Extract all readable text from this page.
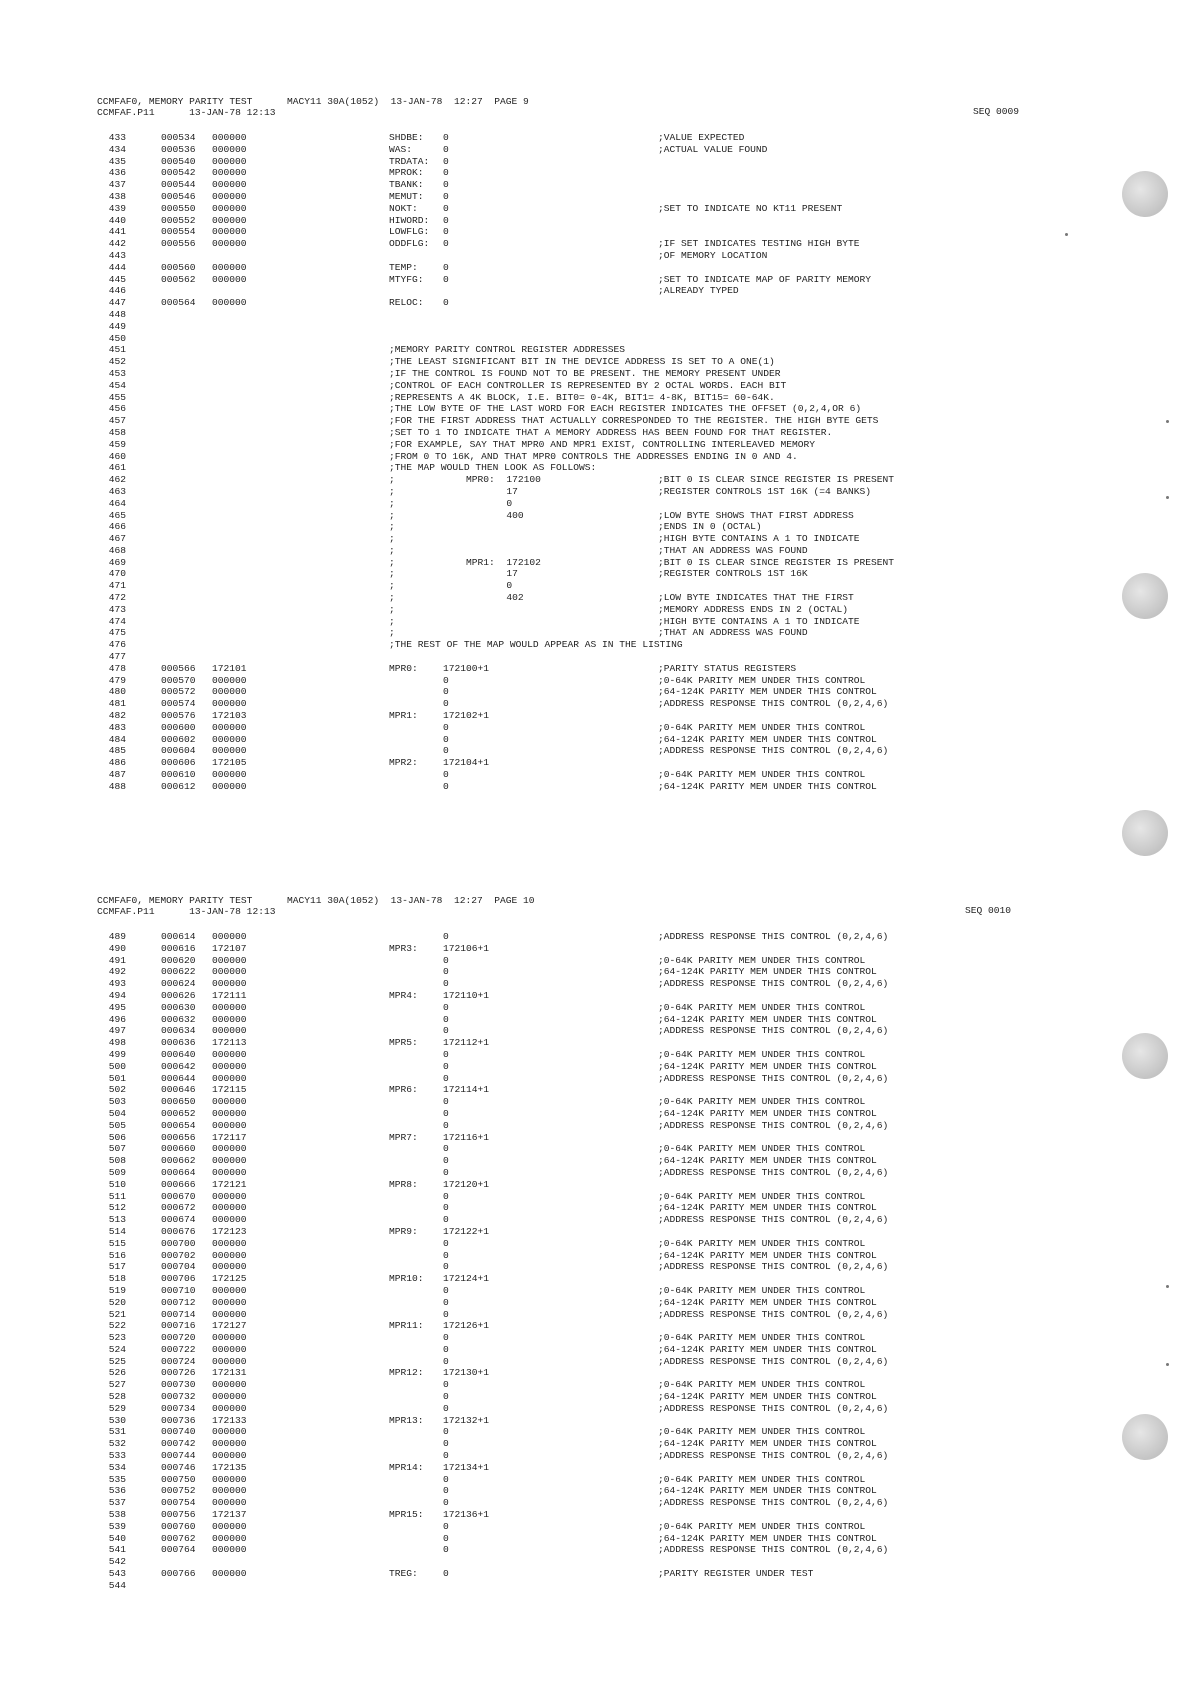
CCMFAF0, MEMORY PARITY TEST      MACY11 30A(1052)  13-JAN-78  12:27  PAGE 9
CCMFAF.P11      13-JAN-78 12:13	SEQ 0009
433	000534 000000	SHDBE: 0	;VALUE EXPECTED
434	000536 000000	WAS:	0	;ACTUAL VALUE FOUND
435	000540 000000	TRDATA: 0
436	000542 000000	MPROK: 0
437	000544 000000	TBANK: 0
438	000546 000000	MEMUT: 0
439	000550 000000	NOKT:	0	;SET TO INDICATE NO KT11 PRESENT
440	000552 000000	HIWORD: 0
441	000554 000000	LOWFLG: 0
442	000556 000000	ODDFLG: 0	;IF SET INDICATES TESTING HIGH BYTE
443	;OF MEMORY LOCATION
444	000560 000000	TEMP:	0
445	000562 000000	MTYFG: 0	;SET TO INDICATE MAP OF PARITY MEMORY
446	;ALREADY TYPED
447	000564 000000	RELOC: 0
448
449
450
451	;MEMORY PARITY CONTROL REGISTER ADDRESSES
452	;THE LEAST SIGNIFICANT BIT IN THE DEVICE ADDRESS IS SET TO A ONE(1)
453	;IF THE CONTROL IS FOUND NOT TO BE PRESENT. THE MEMORY PRESENT UNDER
454	;CONTROL OF EACH CONTROLLER IS REPRESENTED BY 2 OCTAL WORDS. EACH BIT
455	;REPRESENTS A 4K BLOCK, I.E. BIT0= 0-4K, BIT1= 4-8K, BIT15= 60-64K.
456	;THE LOW BYTE OF THE LAST WORD FOR EACH REGISTER INDICATES THE OFFSET (0,2,4,OR 6)
457	;FOR THE FIRST ADDRESS THAT ACTUALLY CORRESPONDED TO THE REGISTER. THE HIGH BYTE GETS
458	;SET TO 1 TO INDICATE THAT A MEMORY ADDRESS HAS BEEN FOUND FOR THAT REGISTER.
459	;FOR EXAMPLE, SAY THAT MPR0 AND MPR1 EXIST, CONTROLLING INTERLEAVED MEMORY
460	;FROM 0 TO 16K, AND THAT MPR0 CONTROLS THE ADDRESSES ENDING IN 0 AND 4.
461	;THE MAP WOULD THEN LOOK AS FOLLOWS:
462	;	MPR0:  172100	;BIT 0 IS CLEAR SINCE REGISTER IS PRESENT
463	;	17	;REGISTER CONTROLS 1ST 16K (=4 BANKS)
464	;	0
465	;	400	;LOW BYTE SHOWS THAT FIRST ADDRESS
466	;	;ENDS IN 0 (OCTAL)
467	;	;HIGH BYTE CONTAINS A 1 TO INDICATE
468	;	;THAT AN ADDRESS WAS FOUND
469	;	MPR1:  172102	;BIT 0 IS CLEAR SINCE REGISTER IS PRESENT
470	;	17	;REGISTER CONTROLS 1ST 16K
471	;	0
472	;	402	;LOW BYTE INDICATES THAT THE FIRST
473	;	;MEMORY ADDRESS ENDS IN 2 (OCTAL)
474	;	;HIGH BYTE CONTAINS A 1 TO INDICATE
475	;	;THAT AN ADDRESS WAS FOUND
476	;THE REST OF THE MAP WOULD APPEAR AS IN THE LISTING
477
478	000566 172101	MPR0:	172100+1	;PARITY STATUS REGISTERS
479	000570 000000	0	;0-64K PARITY MEM UNDER THIS CONTROL
480	000572 000000	0	;64-124K PARITY MEM UNDER THIS CONTROL
481	000574 000000	0	;ADDRESS RESPONSE THIS CONTROL (0,2,4,6)
482	000576 172103	MPR1:	172102+1
483	000600 000000	0	;0-64K PARITY MEM UNDER THIS CONTROL
484	000602 000000	0	;64-124K PARITY MEM UNDER THIS CONTROL
485	000604 000000	0	;ADDRESS RESPONSE THIS CONTROL (0,2,4,6)
486	000606 172105	MPR2:	172104+1
487	000610 000000	0	;0-64K PARITY MEM UNDER THIS CONTROL
488	000612 000000	0	;64-124K PARITY MEM UNDER THIS CONTROL
CCMFAF0, MEMORY PARITY TEST      MACY11 30A(1052)  13-JAN-78  12:27  PAGE 10
CCMFAF.P11      13-JAN-78 12:13	SEQ 0010
489	000614 000000	0	;ADDRESS RESPONSE THIS CONTROL (0,2,4,6)
490	000616 172107	MPR3:	172106+1
491	000620 000000	0	;0-64K PARITY MEM UNDER THIS CONTROL
492	000622 000000	0	;64-124K PARITY MEM UNDER THIS CONTROL
493	000624 000000	0	;ADDRESS RESPONSE THIS CONTROL (0,2,4,6)
494	000626 172111	MPR4:	172110+1
495	000630 000000	0	;0-64K PARITY MEM UNDER THIS CONTROL
496	000632 000000	0	;64-124K PARITY MEM UNDER THIS CONTROL
497	000634 000000	0	;ADDRESS RESPONSE THIS CONTROL (0,2,4,6)
498	000636 172113	MPR5:	172112+1
499	000640 000000	0	;0-64K PARITY MEM UNDER THIS CONTROL
500	000642 000000	0	;64-124K PARITY MEM UNDER THIS CONTROL
501	000644 000000	0	;ADDRESS RESPONSE THIS CONTROL (0,2,4,6)
502	000646 172115	MPR6:	172114+1
503	000650 000000	0	;0-64K PARITY MEM UNDER THIS CONTROL
504	000652 000000	0	;64-124K PARITY MEM UNDER THIS CONTROL
505	000654 000000	0	;ADDRESS RESPONSE THIS CONTROL (0,2,4,6)
506	000656 172117	MPR7:	172116+1
507	000660 000000	0	;0-64K PARITY MEM UNDER THIS CONTROL
508	000662 000000	0	;64-124K PARITY MEM UNDER THIS CONTROL
509	000664 000000	0	;ADDRESS RESPONSE THIS CONTROL (0,2,4,6)
510	000666 172121	MPR8:	172120+1
511	000670 000000	0	;0-64K PARITY MEM UNDER THIS CONTROL
512	000672 000000	0	;64-124K PARITY MEM UNDER THIS CONTROL
513	000674 000000	0	;ADDRESS RESPONSE THIS CONTROL (0,2,4,6)
514	000676 172123	MPR9:	172122+1
515	000700 000000	0	;0-64K PARITY MEM UNDER THIS CONTROL
516	000702 000000	0	;64-124K PARITY MEM UNDER THIS CONTROL
517	000704 000000	0	;ADDRESS RESPONSE THIS CONTROL (0,2,4,6)
518	000706 172125	MPR10: 172124+1
519	000710 000000	0	;0-64K PARITY MEM UNDER THIS CONTROL
520	000712 000000	0	;64-124K PARITY MEM UNDER THIS CONTROL
521	000714 000000	0	;ADDRESS RESPONSE THIS CONTROL (0,2,4,6)
522	000716 172127	MPR11: 172126+1
523	000720 000000	0	;0-64K PARITY MEM UNDER THIS CONTROL
524	000722 000000	0	;64-124K PARITY MEM UNDER THIS CONTROL
525	000724 000000	0	;ADDRESS RESPONSE THIS CONTROL (0,2,4,6)
526	000726 172131	MPR12: 172130+1
527	000730 000000	0	;0-64K PARITY MEM UNDER THIS CONTROL
528	000732 000000	0	;64-124K PARITY MEM UNDER THIS CONTROL
529	000734 000000	0	;ADDRESS RESPONSE THIS CONTROL (0,2,4,6)
530	000736 172133	MPR13: 172132+1
531	000740 000000	0	;0-64K PARITY MEM UNDER THIS CONTROL
532	000742 000000	0	;64-124K PARITY MEM UNDER THIS CONTROL
533	000744 000000	0	;ADDRESS RESPONSE THIS CONTROL (0,2,4,6)
534	000746 172135	MPR14: 172134+1
535	000750 000000	0	;0-64K PARITY MEM UNDER THIS CONTROL
536	000752 000000	0	;64-124K PARITY MEM UNDER THIS CONTROL
537	000754 000000	0	;ADDRESS RESPONSE THIS CONTROL (0,2,4,6)
538	000756 172137	MPR15: 172136+1
539	000760 000000	0	;0-64K PARITY MEM UNDER THIS CONTROL
540	000762 000000	0	;64-124K PARITY MEM UNDER THIS CONTROL
541	000764 000000	0	;ADDRESS RESPONSE THIS CONTROL (0,2,4,6)
542
543	000766 000000	TREG:	0	;PARITY REGISTER UNDER TEST
544
